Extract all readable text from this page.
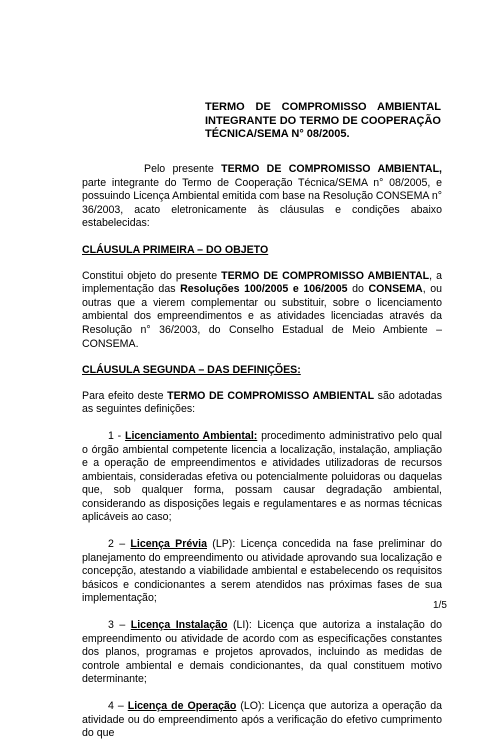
TERMO DE COMPROMISSO AMBIENTAL INTEGRANTE DO TERMO DE COOPERAÇÃO TÉCNICA/SEMA N° 08/2005.

Pelo presente TERMO DE COMPROMISSO AMBIENTAL, parte integrante do Termo de Cooperação Técnica/SEMA n° 08/2005, e possuindo Licença Ambiental emitida com base na Resolução CONSEMA n° 36/2003, acato eletronicamente às cláusulas e condições abaixo estabelecidas:

CLÁUSULA PRIMEIRA – DO OBJETO

Constitui objeto do presente TERMO DE COMPROMISSO AMBIENTAL, a implementação das Resoluções 100/2005 e 106/2005 do CONSEMA, ou outras que a vierem complementar ou substituir, sobre o licenciamento ambiental dos empreendimentos e as atividades licenciadas através da Resolução n° 36/2003, do Conselho Estadual de Meio Ambiente – CONSEMA.

CLÁUSULA SEGUNDA – DAS DEFINIÇÕES:

Para efeito deste TERMO DE COMPROMISSO AMBIENTAL são adotadas as seguintes definições:

1 - Licenciamento Ambiental: procedimento administrativo pelo qual o órgão ambiental competente licencia a localização, instalação, ampliação e a operação de empreendimentos e atividades utilizadoras de recursos ambientais, consideradas efetiva ou potencialmente poluidoras ou daquelas que, sob qualquer forma, possam causar degradação ambiental, considerando as disposições legais e regulamentares e as normas técnicas aplicáveis ao caso;

2 – Licença Prévia (LP): Licença concedida na fase preliminar do planejamento do empreendimento ou atividade aprovando sua localização e concepção, atestando a viabilidade ambiental e estabelecendo os requisitos básicos e condicionantes a serem atendidos nas próximas fases de sua implementação;

3 – Licença Instalação (LI): Licença que autoriza a instalação do empreendimento ou atividade de acordo com as especificações constantes dos planos, programas e projetos aprovados, incluindo as medidas de controle ambiental e demais condicionantes, da qual constituem motivo determinante;

4 – Licença de Operação (LO): Licença que autoriza a operação da atividade ou do empreendimento após a verificação do efetivo cumprimento do que

1/5
